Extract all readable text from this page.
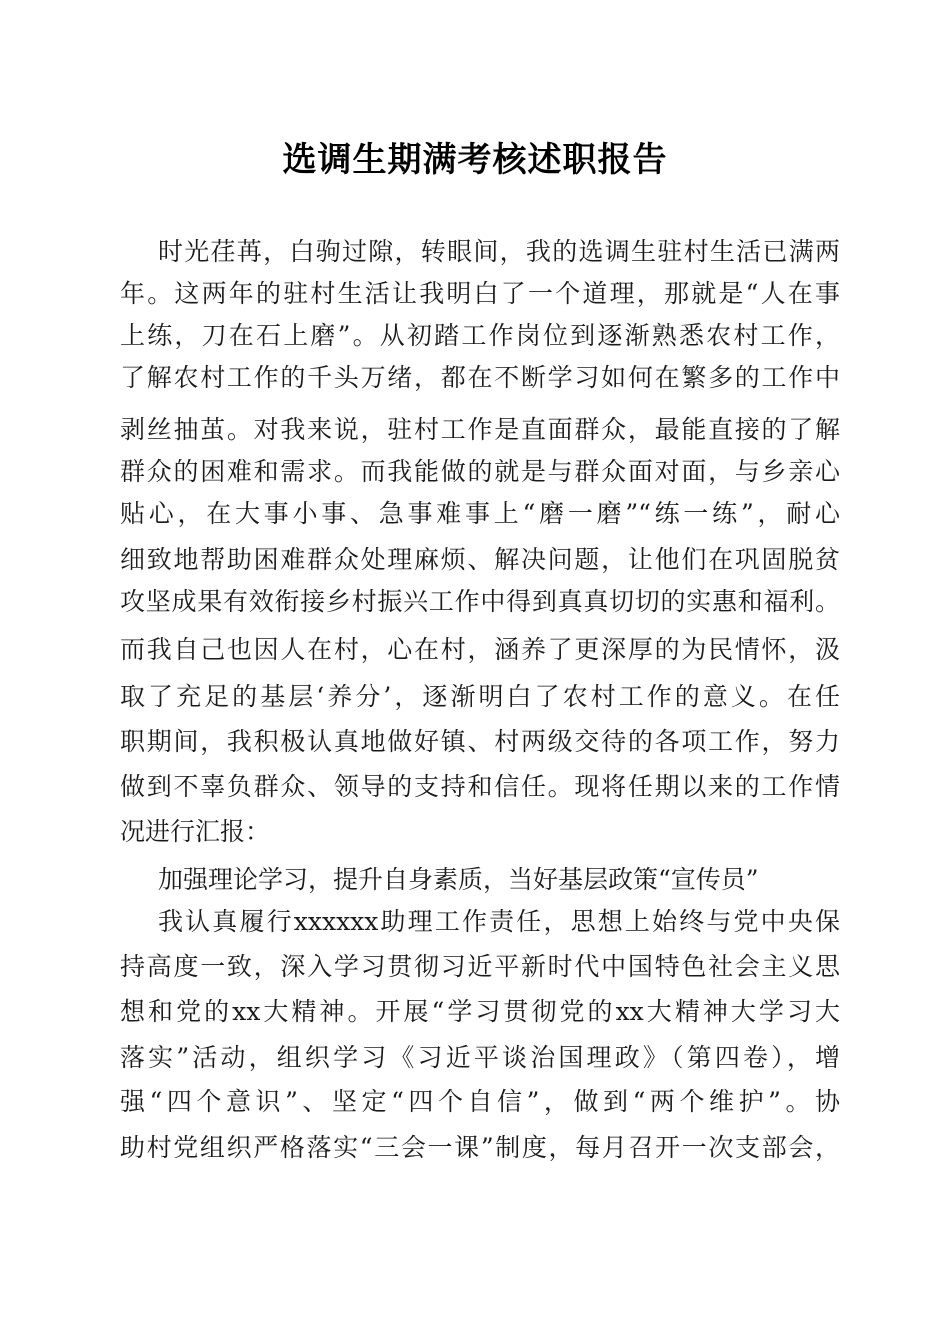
选调生期满考核述职报告
时光荏苒，白驹过隙，转眼间，我的选调生驻村生活已满两
年。这两年的驻村生活让我明白了一个道理，那就是“人在事
上练，刀在石上磨”。从初踏工作岗位到逐渐熟悉农村工作，
了解农村工作的千头万绪，都在不断学习如何在繁多的工作中
剥丝抽茧。对我来说，驻村工作是直面群众，最能直接的了解
群众的困难和需求。而我能做的就是与群众面对面，与乡亲心
贴心，在大事小事、急事难事上“磨一磨”“练一练”，耐心
细致地帮助困难群众处理麻烦、解决问题，让他们在巩固脱贫
攻坚成果有效衔接乡村振兴工作中得到真真切切的实惠和福利。
而我自己也因人在村，心在村，涵养了更深厚的为民情怀，汲
取了充足的基层‘养分’，逐渐明白了农村工作的意义。在任
职期间，我积极认真地做好镇、村两级交待的各项工作，努力
做到不辜负群众、领导的支持和信任。现将任期以来的工作情
况进行汇报：
加强理论学习，提升自身素质，当好基层政策“宣传员”
我认真履行xxxxxx助理工作责任，思想上始终与党中央保
持高度一致，深入学习贯彻习近平新时代中国特色社会主义思
想和党的xx大精神。开展“学习贯彻党的xx大精神大学习大
落实”活动，组织学习《习近平谈治国理政》（第四卷），增
强“四个意识”、坚定“四个自信”，做到“两个维护”。协
助村党组织严格落实“三会一课”制度，每月召开一次支部会，
